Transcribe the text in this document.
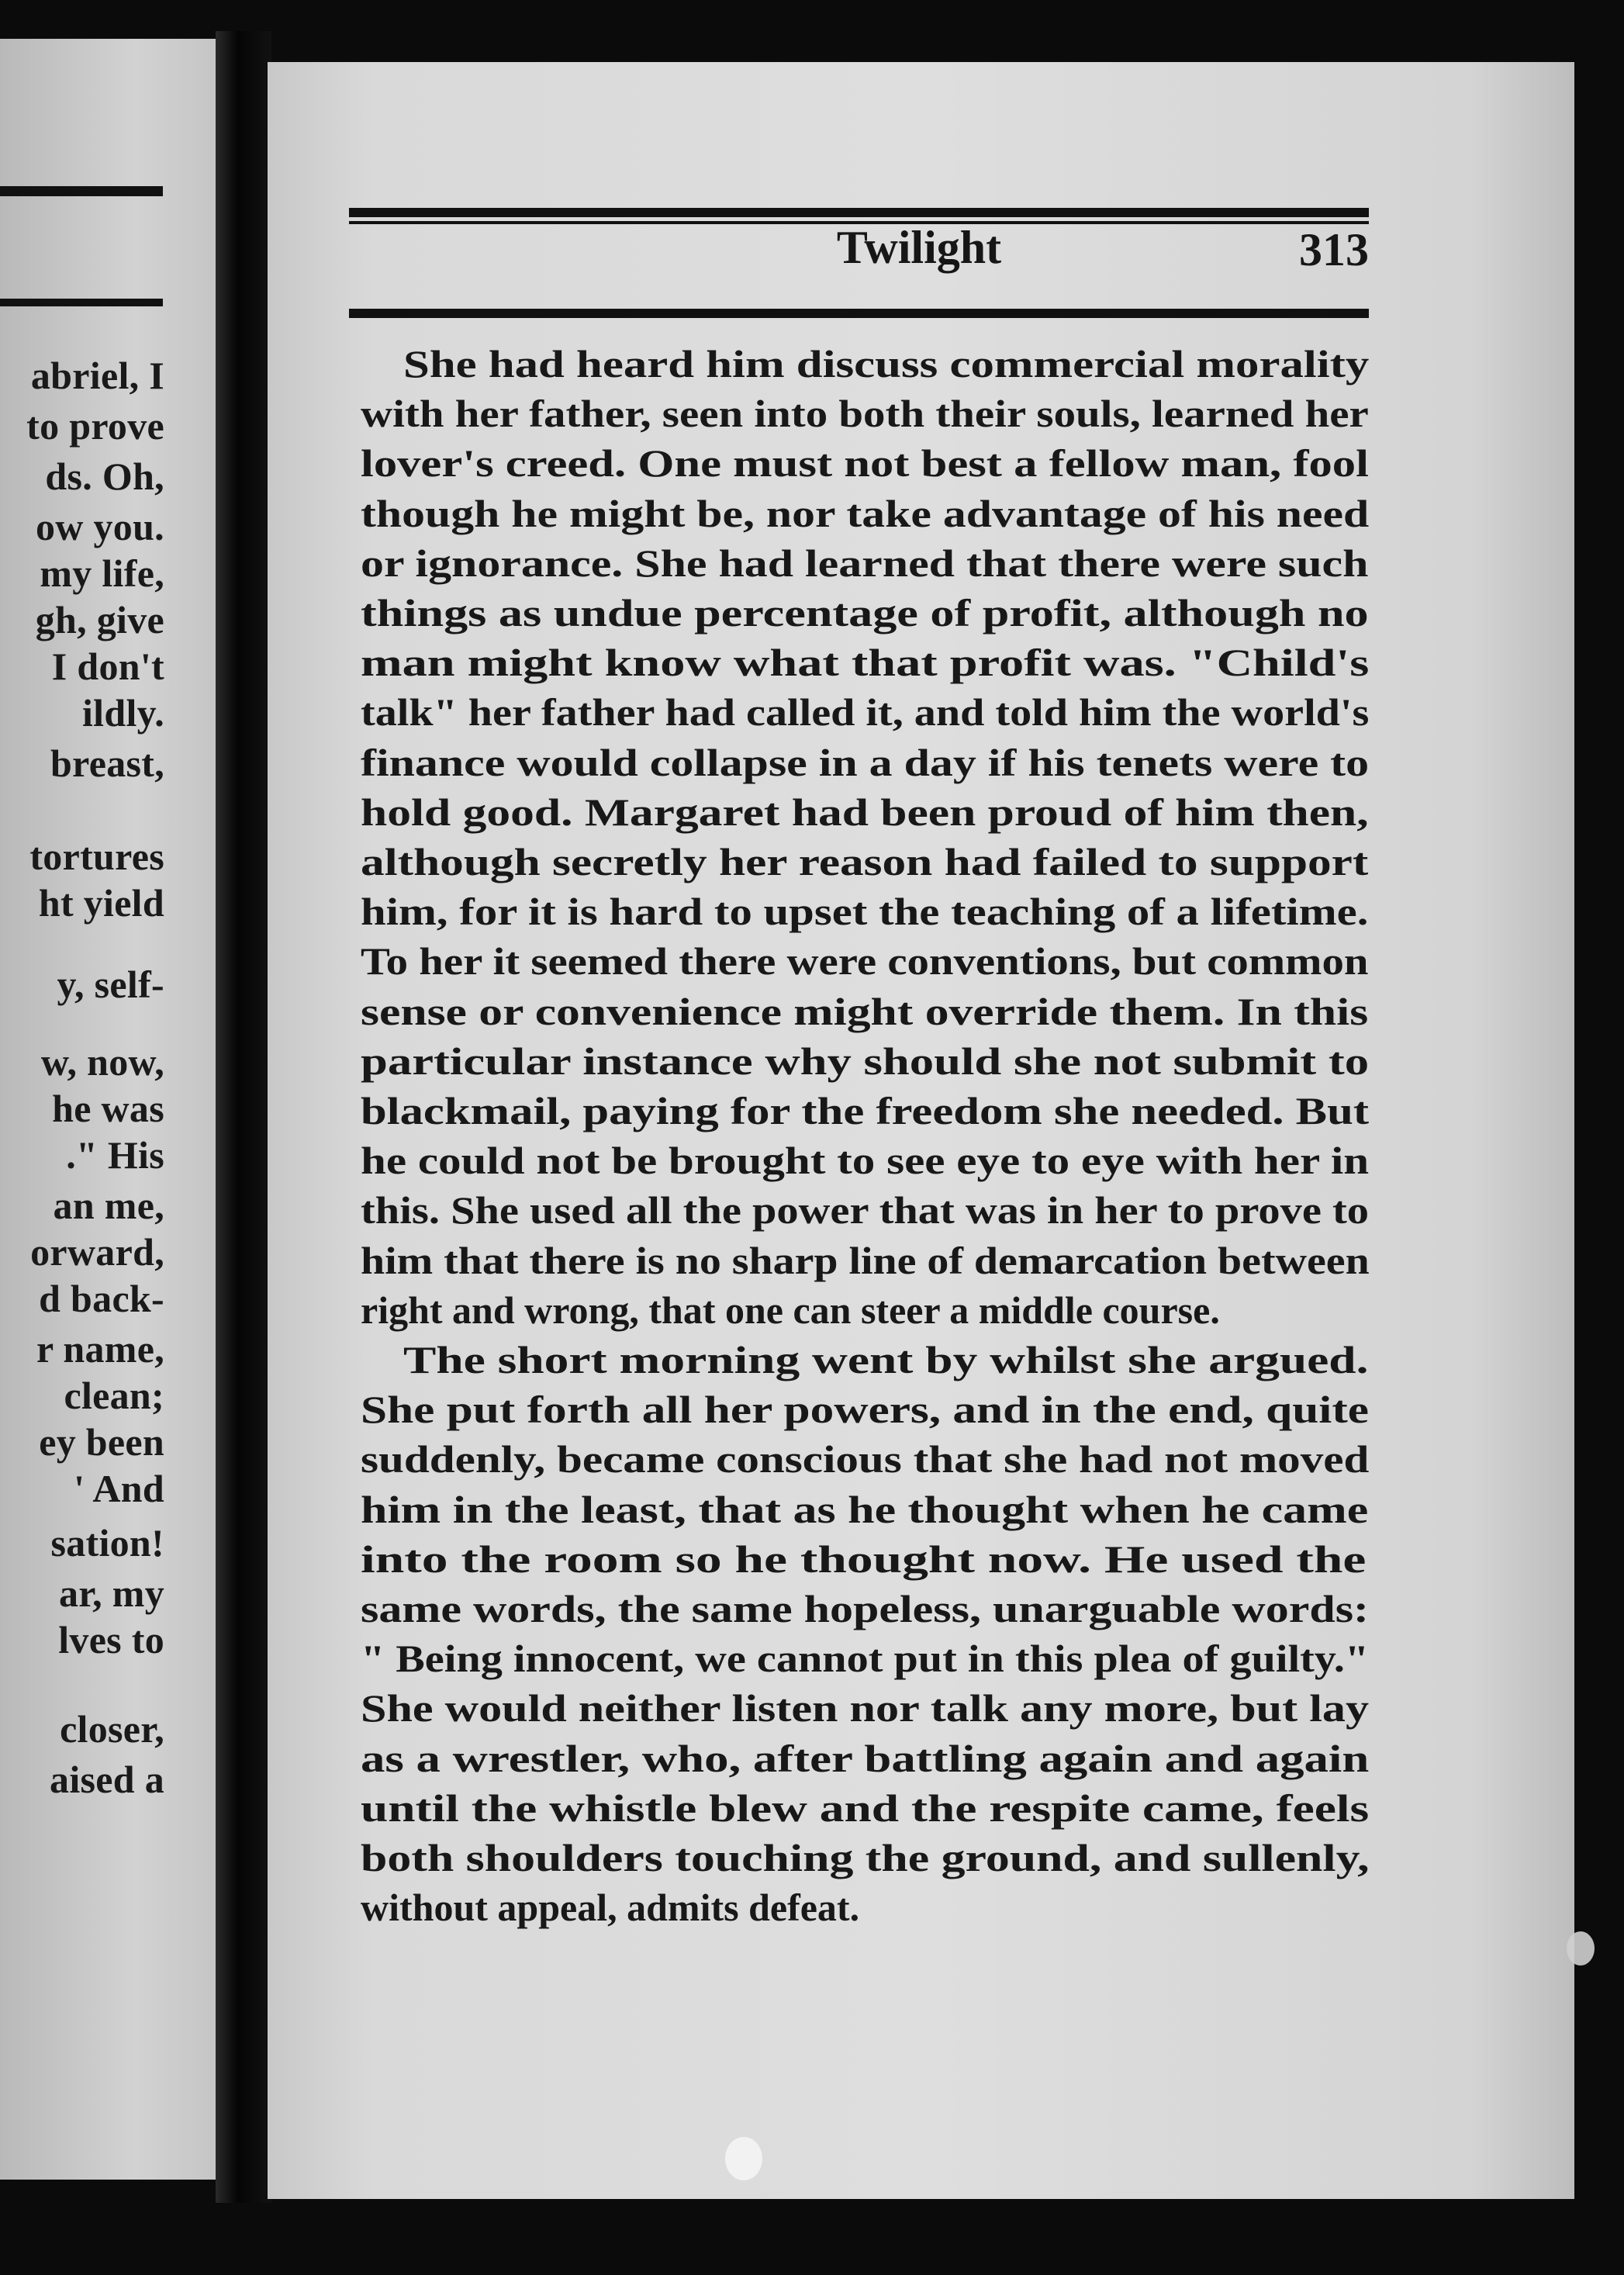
abriel, I
to prove
ds. Oh,
ow you.
my life,
gh, give
I don't
ildly.
breast,
tortures
ht yield
y, self-
w, now,
he was
." His
an me,
orward,
d back-
r name,
clean;
ey been
' And
sation!
ar, my
lves to
closer,
aised a
Twilight	313
She had heard him discuss commercial morality
with her father, seen into both their souls, learned her
lover's creed. One must not best a fellow man, fool
though he might be, nor take advantage of his need
or ignorance. She had learned that there were such
things as undue percentage of profit, although no
man might know what that profit was. "Child's
talk" her father had called it, and told him the world's
finance would collapse in a day if his tenets were to
hold good. Margaret had been proud of him then,
although secretly her reason had failed to support
him, for it is hard to upset the teaching of a lifetime.
To her it seemed there were conventions, but common
sense or convenience might override them. In this
particular instance why should she not submit to
blackmail, paying for the freedom she needed. But
he could not be brought to see eye to eye with her in
this. She used all the power that was in her to prove to
him that there is no sharp line of demarcation between
right and wrong, that one can steer a middle course.
The short morning went by whilst she argued.
She put forth all her powers, and in the end, quite
suddenly, became conscious that she had not moved
him in the least, that as he thought when he came
into the room so he thought now. He used the
same words, the same hopeless, unarguable words:
" Being innocent, we cannot put in this plea of guilty."
She would neither listen nor talk any more, but lay
as a wrestler, who, after battling again and again
until the whistle blew and the respite came, feels
both shoulders touching the ground, and sullenly,
without appeal, admits defeat.
